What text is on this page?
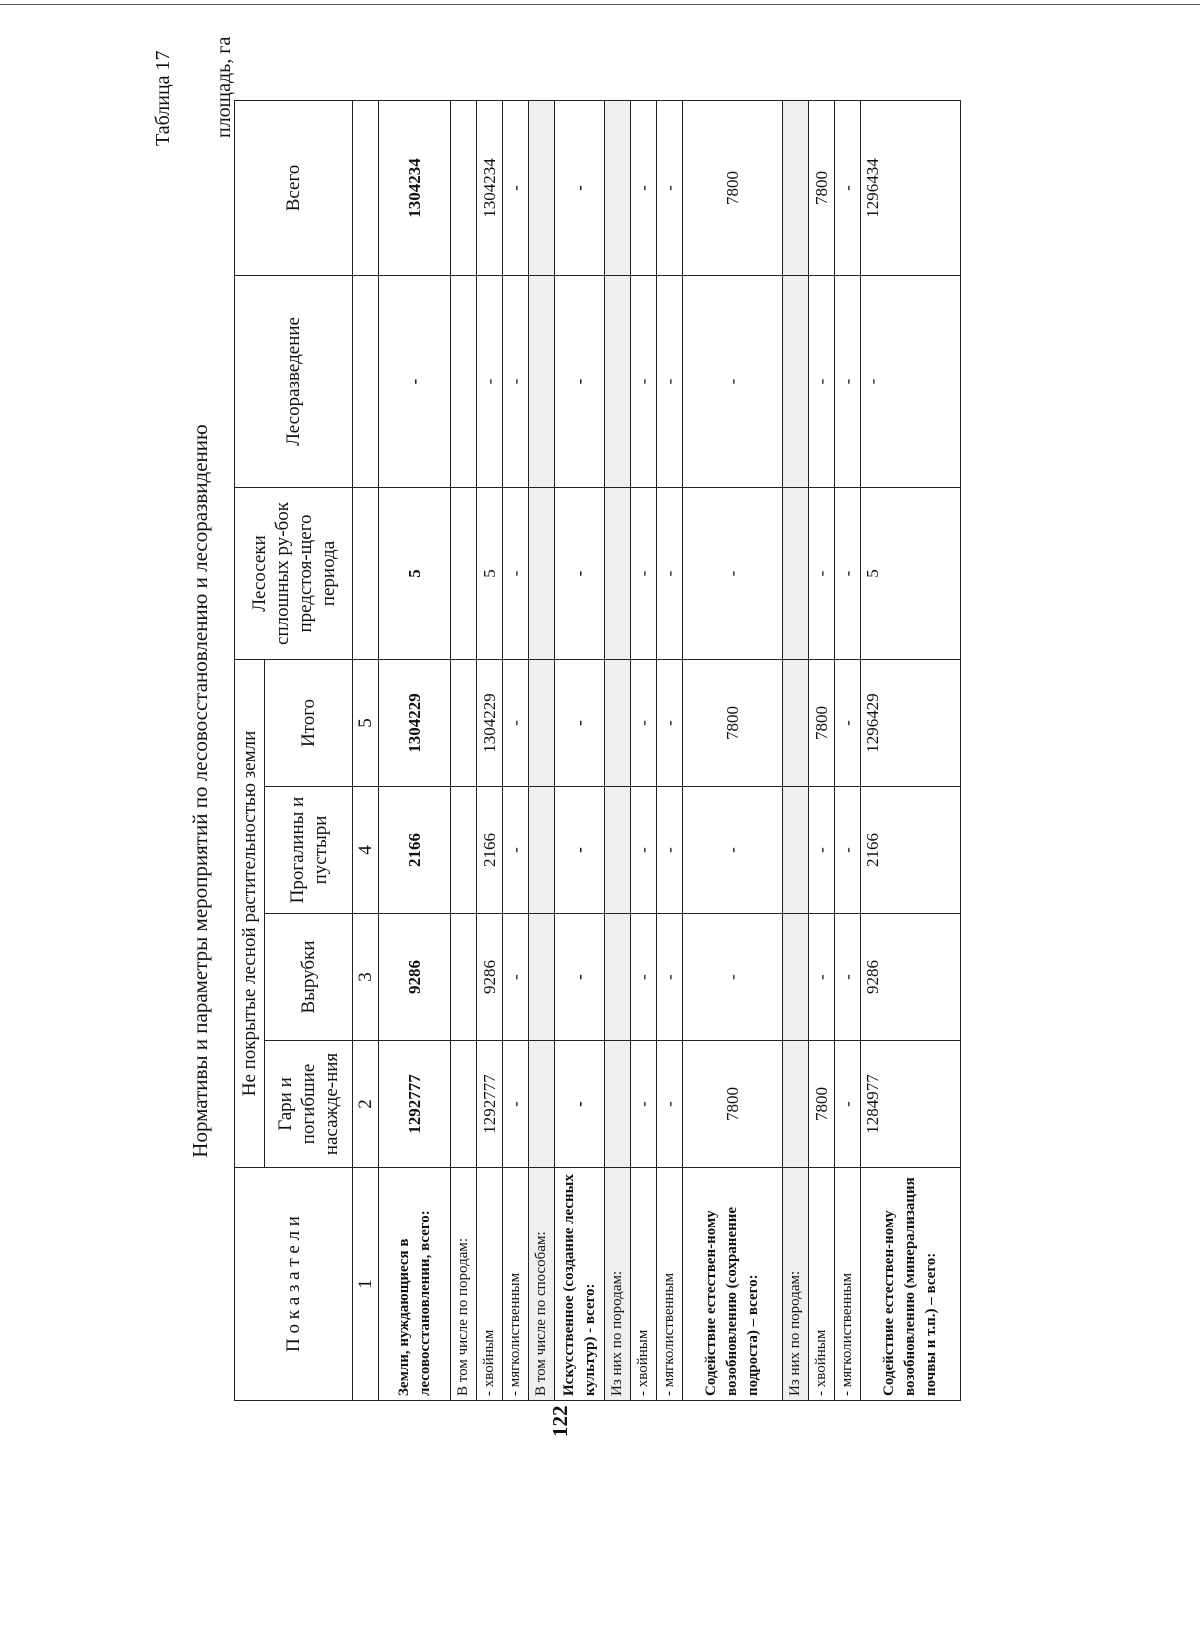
122
Таблица 17
Нормативы и параметры мероприятий по лесовосстановлению и лесоразвидению
площадь, га
П о к а з а т е л и	Не покрытые лесной растительностью земли				Лесосеки сплошных ру-бок предстоя-щего периода	Лесоразведение	Всего
	Гари и погибшие насажде-ния	Вырубки	Прогалины и пустыри	Итого			
1	2	3	4	5			
Земли, нуждающиеся в лесовосстановлении, всего:	1292777	9286	2166	1304229	5	-	1304234
В том числе по породам:							
- хвойным	1292777	9286	2166	1304229	5	-	1304234
- мягколиственным	-	-	-	-	-	-	-
В том числе по способам:							
Искусственное (создание лесных культур) - всего:	-	-	-	-	-	-	-
Из них по породам:							
- хвойным	-	-	-	-	-	-	-
- мягколиственным	-	-	-	-	-	-	-
Содействие естествен-ному возобновлению (сохранение подроста) – всего:	7800	-	-	7800	-	-	7800
Из них по породам:							
- хвойным	7800	-	-	7800	-	-	7800
- мягколиственным	-	-	-	-	-	-	-
Содействие естествен-ному возобновлению (минерализация почвы и т.п.) – всего:	1284977	9286	2166	1296429	5	-	1296434
